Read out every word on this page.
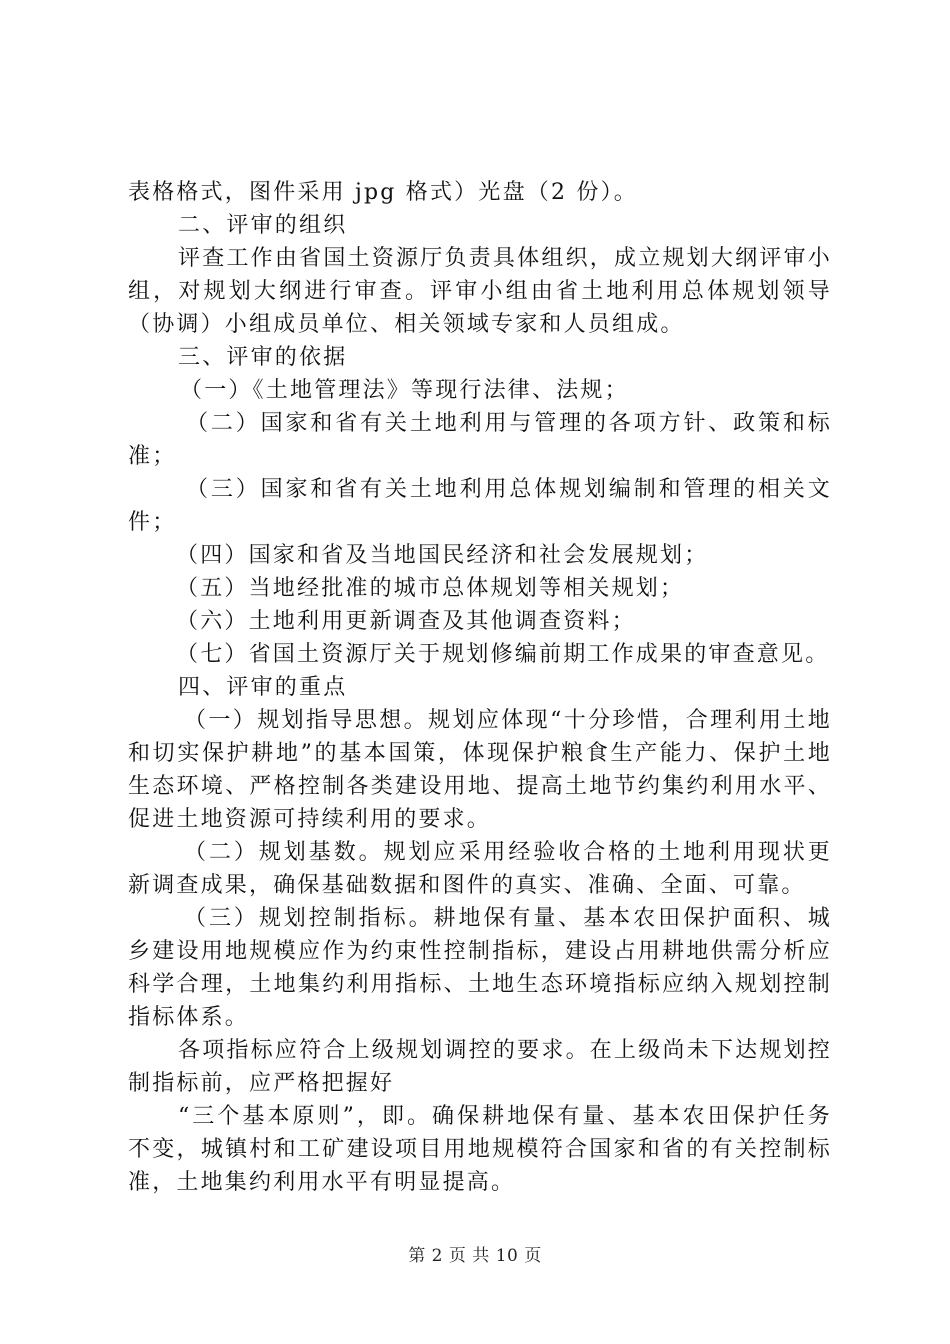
表格格式，图件采用 jpg 格式）光盘（2 份）。

二、评审的组织

评查工作由省国土资源厅负责具体组织，成立规划大纲评审小组，对规划大纲进行审查。评审小组由省土地利用总体规划领导（协调）小组成员单位、相关领域专家和人员组成。

三、评审的依据

（一）《土地管理法》等现行法律、法规；

（二）国家和省有关土地利用与管理的各项方针、政策和标准；

（三）国家和省有关土地利用总体规划编制和管理的相关文件；

（四）国家和省及当地国民经济和社会发展规划；

（五）当地经批准的城市总体规划等相关规划；

（六）土地利用更新调查及其他调查资料；

（七）省国土资源厅关于规划修编前期工作成果的审查意见。

四、评审的重点

（一）规划指导思想。规划应体现“十分珍惜，合理利用土地和切实保护耕地”的基本国策，体现保护粮食生产能力、保护土地生态环境、严格控制各类建设用地、提高土地节约集约利用水平、促进土地资源可持续利用的要求。

（二）规划基数。规划应采用经验收合格的土地利用现状更新调查成果，确保基础数据和图件的真实、准确、全面、可靠。

（三）规划控制指标。耕地保有量、基本农田保护面积、城乡建设用地规模应作为约束性控制指标，建设占用耕地供需分析应科学合理，土地集约利用指标、土地生态环境指标应纳入规划控制指标体系。

各项指标应符合上级规划调控的要求。在上级尚未下达规划控制指标前，应严格把握好

“三个基本原则”，即。确保耕地保有量、基本农田保护任务不变，城镇村和工矿建设项目用地规模符合国家和省的有关控制标准，土地集约利用水平有明显提高。

第 2 页 共 10 页
